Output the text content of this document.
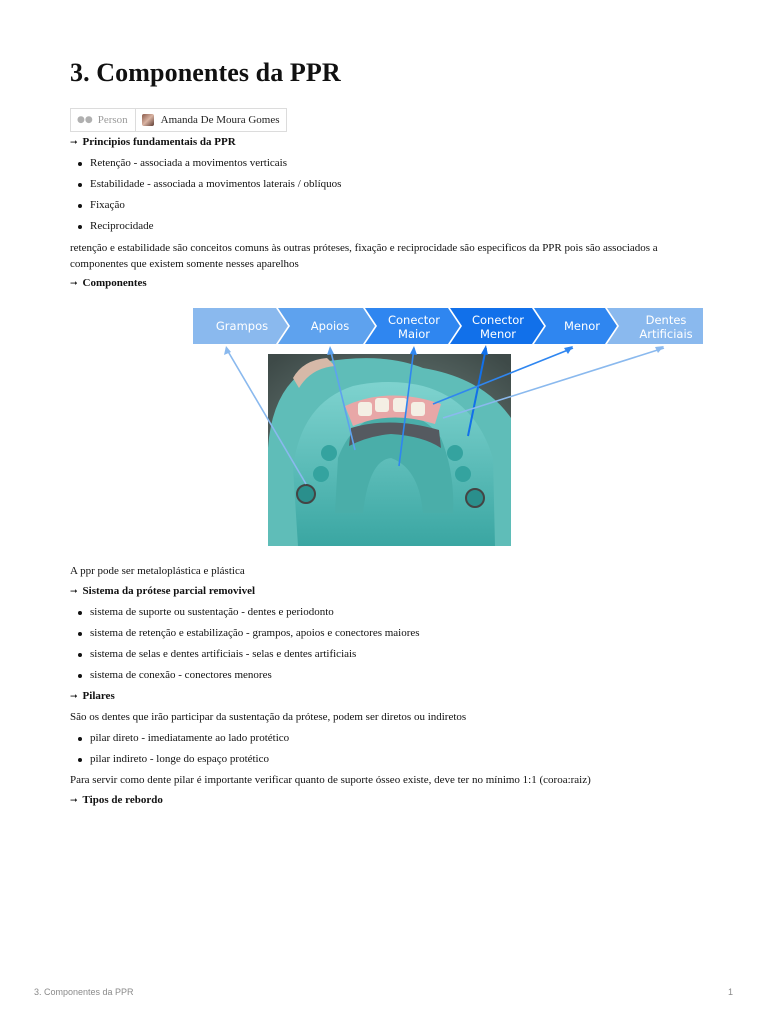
3. Componentes da PPR
●● Person	Amanda De Moura Gomes
➞ Principios fundamentais da PPR
Retenção - associada a movimentos verticais
Estabilidade - associada a movimentos laterais / oblíquos
Fixação
Reciprocidade
retenção e estabilidade são conceitos comuns às outras próteses, fixação e reciprocidade são especificos da PPR pois são associados a componentes que existem somente nesses aparelhos
➞ Componentes
Grampos	Apoios	Conector
Maior
Conector
Menor
Menor	Dentes
Artificiais
A ppr pode ser metaloplástica e plástica
➞ Sistema da prótese parcial removivel
sistema de suporte ou sustentação - dentes e periodonto
sistema de retenção e estabilização - grampos, apoios e conectores maiores
sistema de selas e dentes artificiais - selas e dentes artificiais
sistema de conexão - conectores menores
➞ Pilares
São os dentes que irão participar da sustentação da prótese, podem ser diretos ou indiretos
pilar direto - imediatamente ao lado protético
pilar indireto - longe do espaço protético
Para servir como dente pilar é importante verificar quanto de suporte ósseo existe, deve ter no mínimo 1:1 (coroa:raiz)
➞ Tipos de rebordo
3. Componentes da PPR	1
